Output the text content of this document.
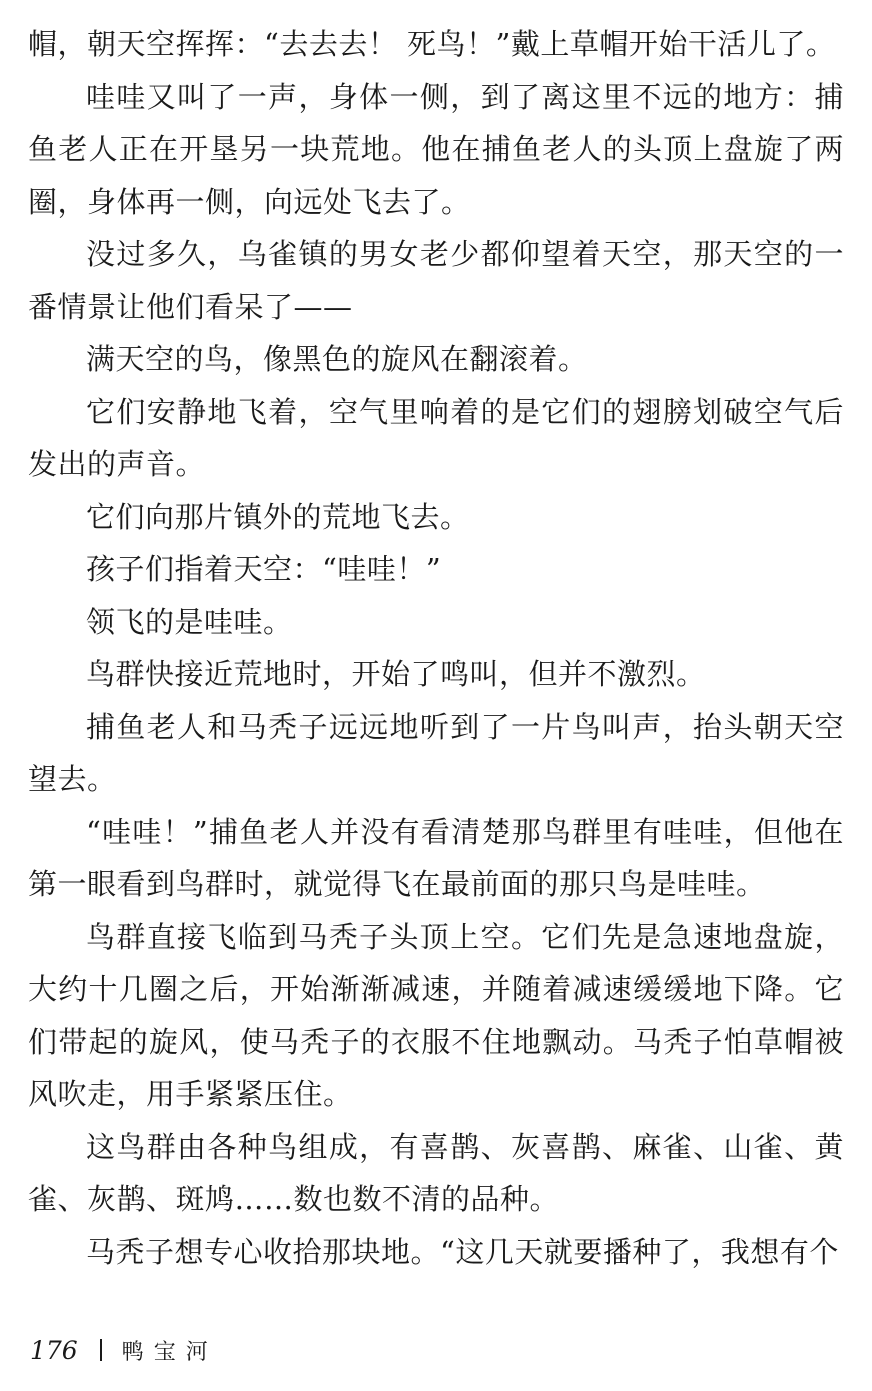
帽，朝天空挥挥：“去去去！ 死鸟！”戴上草帽开始干活儿了。

哇哇又叫了一声，身体一侧，到了离这里不远的地方：捕鱼老人正在开垦另一块荒地。他在捕鱼老人的头顶上盘旋了两圈，身体再一侧，向远处飞去了。

没过多久，乌雀镇的男女老少都仰望着天空，那天空的一番情景让他们看呆了——

满天空的鸟，像黑色的旋风在翻滚着。

它们安静地飞着，空气里响着的是它们的翅膀划破空气后发出的声音。

它们向那片镇外的荒地飞去。

孩子们指着天空：“哇哇！”

领飞的是哇哇。

鸟群快接近荒地时，开始了鸣叫，但并不激烈。

捕鱼老人和马秃子远远地听到了一片鸟叫声，抬头朝天空望去。

“哇哇！”捕鱼老人并没有看清楚那鸟群里有哇哇，但他在第一眼看到鸟群时，就觉得飞在最前面的那只鸟是哇哇。

鸟群直接飞临到马秃子头顶上空。它们先是急速地盘旋，大约十几圈之后，开始渐渐减速，并随着减速缓缓地下降。它们带起的旋风，使马秃子的衣服不住地飘动。马秃子怕草帽被风吹走，用手紧紧压住。

这鸟群由各种鸟组成，有喜鹊、灰喜鹊、麻雀、山雀、黄雀、灰鹊、斑鸠……数也数不清的品种。

马秃子想专心收拾那块地。“这几天就要播种了，我想有个

176 鸭宝河
